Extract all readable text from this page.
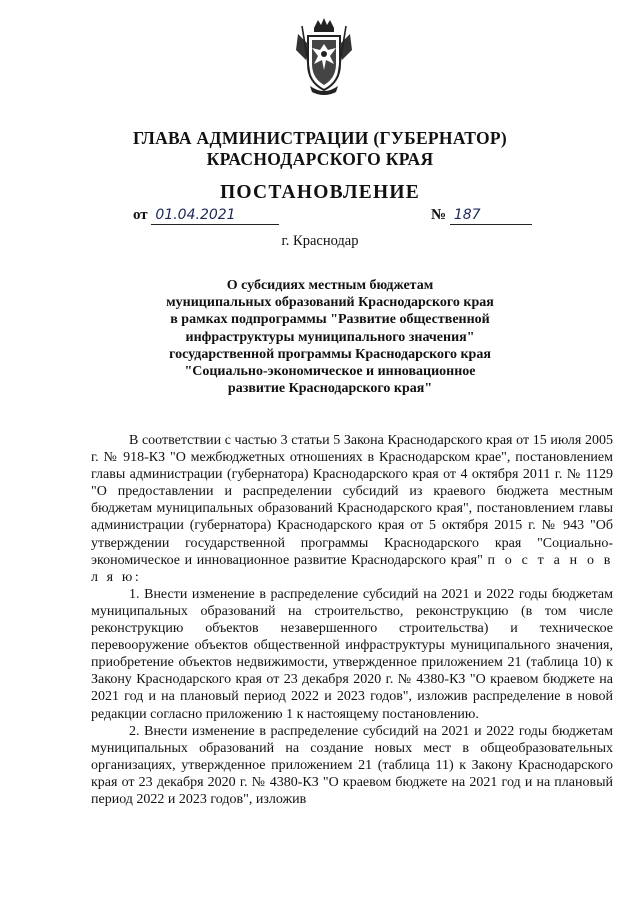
ГЛАВА АДМИНИСТРАЦИИ (ГУБЕРНАТОР)
КРАСНОДАРСКОГО КРАЯ
ПОСТАНОВЛЕНИЕ
от 01.04.2021	№ 187
г. Краснодар
О субсидиях местным бюджетам
муниципальных образований Краснодарского края
в рамках подпрограммы "Развитие общественной
инфраструктуры муниципального значения"
государственной программы Краснодарского края
"Социально-экономическое и инновационное
развитие Краснодарского края"

В соответствии с частью 3 статьи 5 Закона Краснодарского края от 15 июля 2005 г. № 918-КЗ "О межбюджетных отношениях в Краснодарском крае", постановлением главы администрации (губернатора) Краснодарского края от 4 октября 2011 г. № 1129 "О предоставлении и распределении субсидий из краевого бюджета местным бюджетам муниципальных образований Краснодарского края", постановлением главы администрации (губернатора) Краснодарского края от 5 октября 2015 г. № 943 "Об утверждении государственной программы Краснодарского края "Социально-экономическое и инновационное развитие Краснодарского края" п о с т а н о в л я ю:

1. Внести изменение в распределение субсидий на 2021 и 2022 годы бюджетам муниципальных образований на строительство, реконструкцию (в том числе реконструкцию объектов незавершенного строительства) и техническое перевооружение объектов общественной инфраструктуры муниципального значения, приобретение объектов недвижимости, утвержденное приложением 21 (таблица 10) к Закону Краснодарского края от 23 декабря 2020 г. № 4380-КЗ "О краевом бюджете на 2021 год и на плановый период 2022 и 2023 годов", изложив распределение в новой редакции согласно приложению 1 к настоящему постановлению.

2. Внести изменение в распределение субсидий на 2021 и 2022 годы бюджетам муниципальных образований на создание новых мест в общеобразовательных организациях, утвержденное приложением 21 (таблица 11) к Закону Краснодарского края от 23 декабря 2020 г. № 4380-КЗ "О краевом бюджете на 2021 год и на плановый период 2022 и 2023 годов", изложив
